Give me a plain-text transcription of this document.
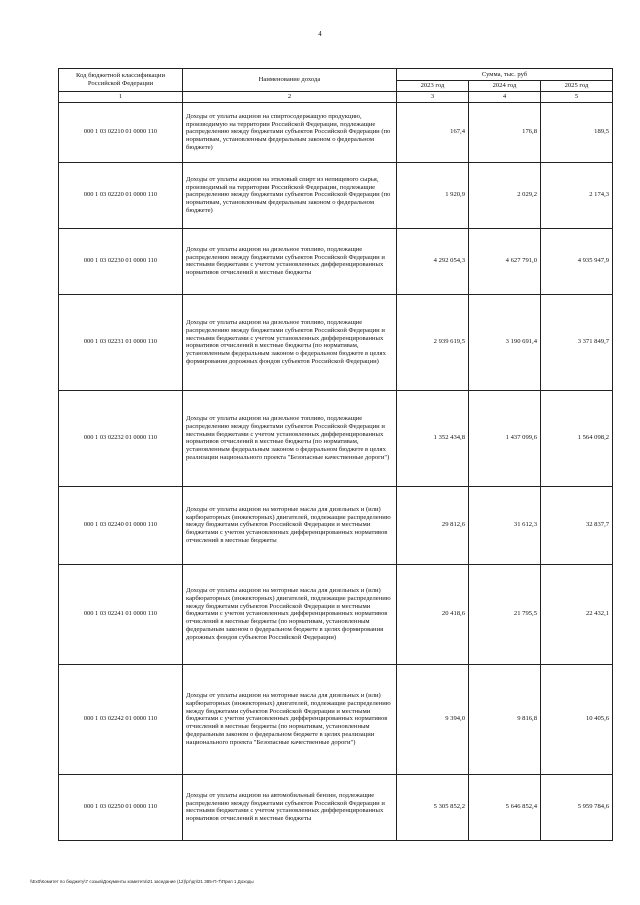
4
Код бюджетной классификации Российской Федерации	Наименование дохода	Сумма, тыс. руб		
		2023 год	2024 год	2025 год
1	2	3	4	5
000 1 03 02210 01 0000 110	Доходы от уплаты акцизов на спиртосодержащую продукцию, производимую на территории Российской Федерации, подлежащие распределению между бюджетами субъектов Российской Федерации (по нормативам, установленным федеральным законом о федеральном бюджете)	167,4	176,8	189,5
000 1 03 02220 01 0000 110	Доходы от уплаты акцизов на этиловый спирт из непищевого сырья, производимый на территории Российской Федерации, подлежащие распределению между бюджетами субъектов Российской Федерации (по нормативам, установленным федеральным законом о федеральном бюджете)	1 920,9	2 029,2	2 174,3
000 1 03 02230 01 0000 110	Доходы от уплаты акцизов на дизельное топливо, подлежащие распределению между бюджетами субъектов Российской Федерации и местными бюджетами с учетом установленных дифференцированных нормативов отчислений в местные бюджеты	4 292 054,3	4 627 791,0	4 935 947,9
000 1 03 02231 01 0000 110	Доходы от уплаты акцизов на дизельное топливо, подлежащие распределению между бюджетами субъектов Российской Федерации и местными бюджетами с учетом установленных дифференцированных нормативов отчислений в местные бюджеты (по нормативам, установленным федеральным законом о федеральном бюджете в целях формирования дорожных фондов субъектов Российской Федерации)	2 939 619,5	3 190 691,4	3 371 849,7
000 1 03 02232 01 0000 110	Доходы от уплаты акцизов на дизельное топливо, подлежащие распределению между бюджетами субъектов Российской Федерации и местными бюджетами с учетом установленных дифференцированных нормативов отчислений в местные бюджеты (по нормативам, установленным федеральным законом о федеральном бюджете в целях реализации национального проекта "Безопасные качественные дороги")	1 352 434,8	1 437 099,6	1 564 098,2
000 1 03 02240 01 0000 110	Доходы от уплаты акцизов на моторные масла для дизельных и (или) карбюраторных (инжекторных) двигателей, подлежащие распределению между бюджетами субъектов Российской Федерации и местными бюджетами с учетом установленных дифференцированных нормативов отчислений в местные бюджеты	29 812,6	31 612,3	32 837,7
000 1 03 02241 01 0000 110	Доходы от уплаты акцизов на моторные масла для дизельных и (или) карбюраторных (инжекторных) двигателей, подлежащие распределению между бюджетами субъектов Российской Федерации и местными бюджетами с учетом установленных дифференцированных нормативов отчислений в местные бюджеты (по нормативам, установленным федеральным законом о федеральном бюджете в целях формирования дорожных фондов субъектов Российской Федерации)	20 418,6	21 795,5	22 432,1
000 1 03 02242 01 0000 110	Доходы от уплаты акцизов на моторные масла для дизельных и (или) карбюраторных (инжекторных) двигателей, подлежащие распределению между бюджетами субъектов Российской Федерации и местными бюджетами с учетом установленных дифференцированных нормативов отчислений в местные бюджеты (по нормативам, установленным федеральным законом о федеральном бюджете в целях реализации национального проекта "Безопасные качественные дороги")	9 394,0	9 816,8	10 405,6
000 1 03 02250 01 0000 110	Доходы от уплаты акцизов на автомобильный бензин, подлежащие распределению между бюджетами субъектов Российской Федерации и местными бюджетами с учетом установленных дифференцированных нормативов отчислений в местные бюджеты	5 305 852,2	5 646 852,4	5 959 784,6
\\Ex0\Комитет по бюджету\7 созыв\Документы комитета\21 заседание (12)\рг\дп\21 385-П-7\Прил 1 Доходы
